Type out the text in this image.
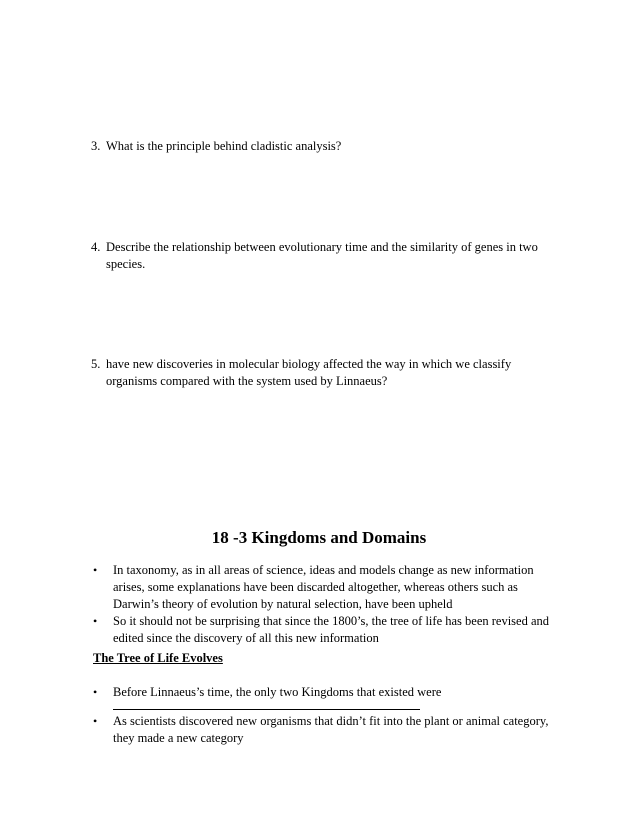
3. What is the principle behind cladistic analysis?
4. Describe the relationship between evolutionary time and the similarity of genes in two species.
5. have new discoveries in molecular biology affected the way in which we classify organisms compared with the system used by Linnaeus?
18 -3 Kingdoms and Domains
• In taxonomy, as in all areas of science, ideas and models change as new information arises, some explanations have been discarded altogether, whereas others such as Darwin’s theory of evolution by natural selection, have been upheld
• So it should not be surprising that since the 1800’s, the tree of life has been revised and edited since the discovery of all this new information
The Tree of Life Evolves
• Before Linnaeus’s time, the only two Kingdoms that existed were
• As scientists discovered new organisms that didn’t fit into the plant or animal category, they made a new category
